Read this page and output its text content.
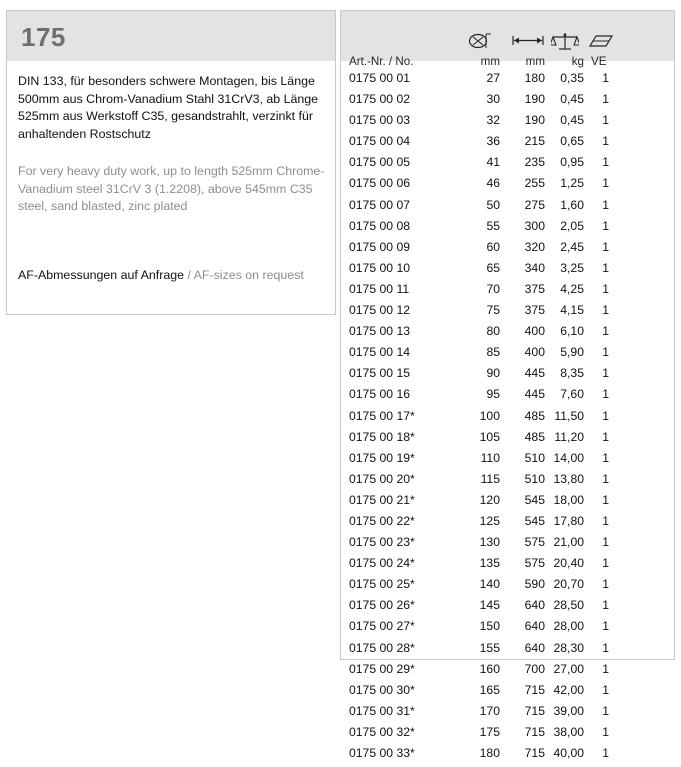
175
DIN 133, für besonders schwere Montagen, bis Länge 500mm aus Chrom-Vanadium Stahl 31CrV3, ab Länge 525mm aus Werkstoff C35, gesandstrahlt, verzinkt für anhaltenden Rostschutz
For very heavy duty work, up to length 525mm Chrome-Vanadium steel 31CrV 3 (1.2208), above 545mm C35 steel, sand blasted, zinc plated
AF-Abmessungen auf Anfrage / AF-sizes on request
Art.-Nr. / No.	mm	mm	kg VE
0175 00 01	27	180	0,35	1
0175 00 02	30	190	0,45	1
0175 00 03	32	190	0,45	1
0175 00 04	36	215	0,65	1
0175 00 05	41	235	0,95	1
0175 00 06	46	255	1,25	1
0175 00 07	50	275	1,60	1
0175 00 08	55	300	2,05	1
0175 00 09	60	320	2,45	1
0175 00 10	65	340	3,25	1
0175 00 11	70	375	4,25	1
0175 00 12	75	375	4,15	1
0175 00 13	80	400	6,10	1
0175 00 14	85	400	5,90	1
0175 00 15	90	445	8,35	1
0175 00 16	95	445	7,60	1
0175 00 17*	100	485 11,50	1
0175 00 18*	105	485 11,20	1
0175 00 19*	110	510 14,00	1
0175 00 20*	115	510 13,80	1
0175 00 21*	120	545 18,00	1
0175 00 22*	125	545 17,80	1
0175 00 23*	130	575 21,00	1
0175 00 24*	135	575 20,40	1
0175 00 25*	140	590 20,70	1
0175 00 26*	145	640 28,50	1
0175 00 27*	150	640 28,00	1
0175 00 28*	155	640 28,30	1
0175 00 29*	160	700 27,00	1
0175 00 30*	165	715 42,00	1
0175 00 31*	170	715 39,00	1
0175 00 32*	175	715 38,00	1
0175 00 33*	180	715 40,00	1
